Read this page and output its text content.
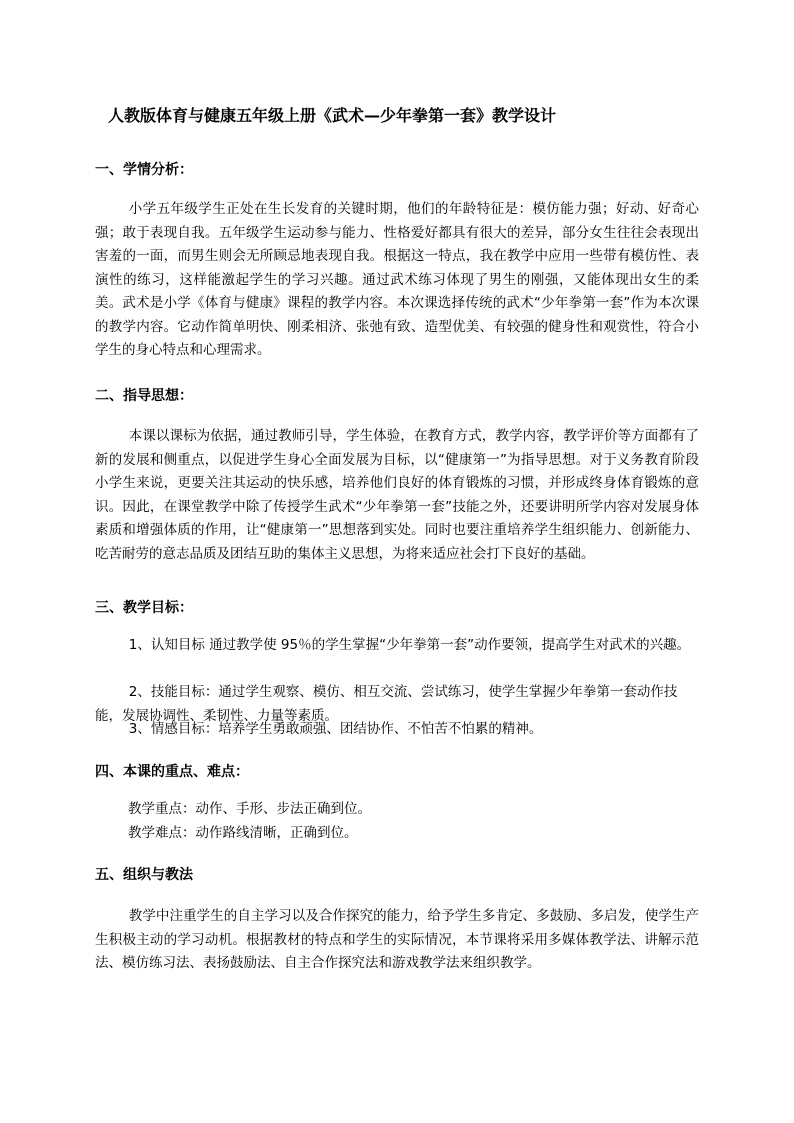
人教版体育与健康五年级上册《武术—少年拳第一套》教学设计
一、学情分析：

小学五年级学生正处在生长发育的关键时期，他们的年龄特征是：模仿能力强；好动、好奇心强；敢于表现自我。五年级学生运动参与能力、性格爱好都具有很大的差异，部分女生往往会表现出害羞的一面，而男生则会无所顾忌地表现自我。根据这一特点，我在教学中应用一些带有模仿性、表演性的练习，这样能激起学生的学习兴趣。通过武术练习体现了男生的刚强，又能体现出女生的柔美。武术是小学《体育与健康》课程的教学内容。本次课选择传统的武术“少年拳第一套”作为本次课的教学内容。它动作简单明快、刚柔相济、张弛有致、造型优美、有较强的健身性和观赏性，符合小学生的身心特点和心理需求。

二、指导思想：

本课以课标为依据，通过教师引导，学生体验，在教育方式，教学内容，教学评价等方面都有了新的发展和侧重点，以促进学生身心全面发展为目标，以“健康第一”为指导思想。对于义务教育阶段小学生来说，更要关注其运动的快乐感，培养他们良好的体育锻炼的习惯，并形成终身体育锻炼的意识。因此，在课堂教学中除了传授学生武术“少年拳第一套”技能之外，还要讲明所学内容对发展身体素质和增强体质的作用，让“健康第一”思想落到实处。同时也要注重培养学生组织能力、创新能力、吃苦耐劳的意志品质及团结互助的集体主义思想，为将来适应社会打下良好的基础。

三、教学目标：

1、认知目标 通过教学使 95％的学生掌握“少年拳第一套”动作要领，提高学生对武术的兴趣。

2、技能目标：通过学生观察、模仿、相互交流、尝试练习，使学生掌握少年拳第一套动作技能，发展协调性、柔韧性、力量等素质。

3、情感目标：培养学生勇敢顽强、团结协作、不怕苦不怕累的精神。

四、本课的重点、难点：

教学重点：动作、手形、步法正确到位。

教学难点：动作路线清晰，正确到位。

五、组织与教法

教学中注重学生的自主学习以及合作探究的能力，给予学生多肯定、多鼓励、多启发，使学生产生积极主动的学习动机。根据教材的特点和学生的实际情况，本节课将采用多媒体教学法、讲解示范法、模仿练习法、表扬鼓励法、自主合作探究法和游戏教学法来组织教学。
